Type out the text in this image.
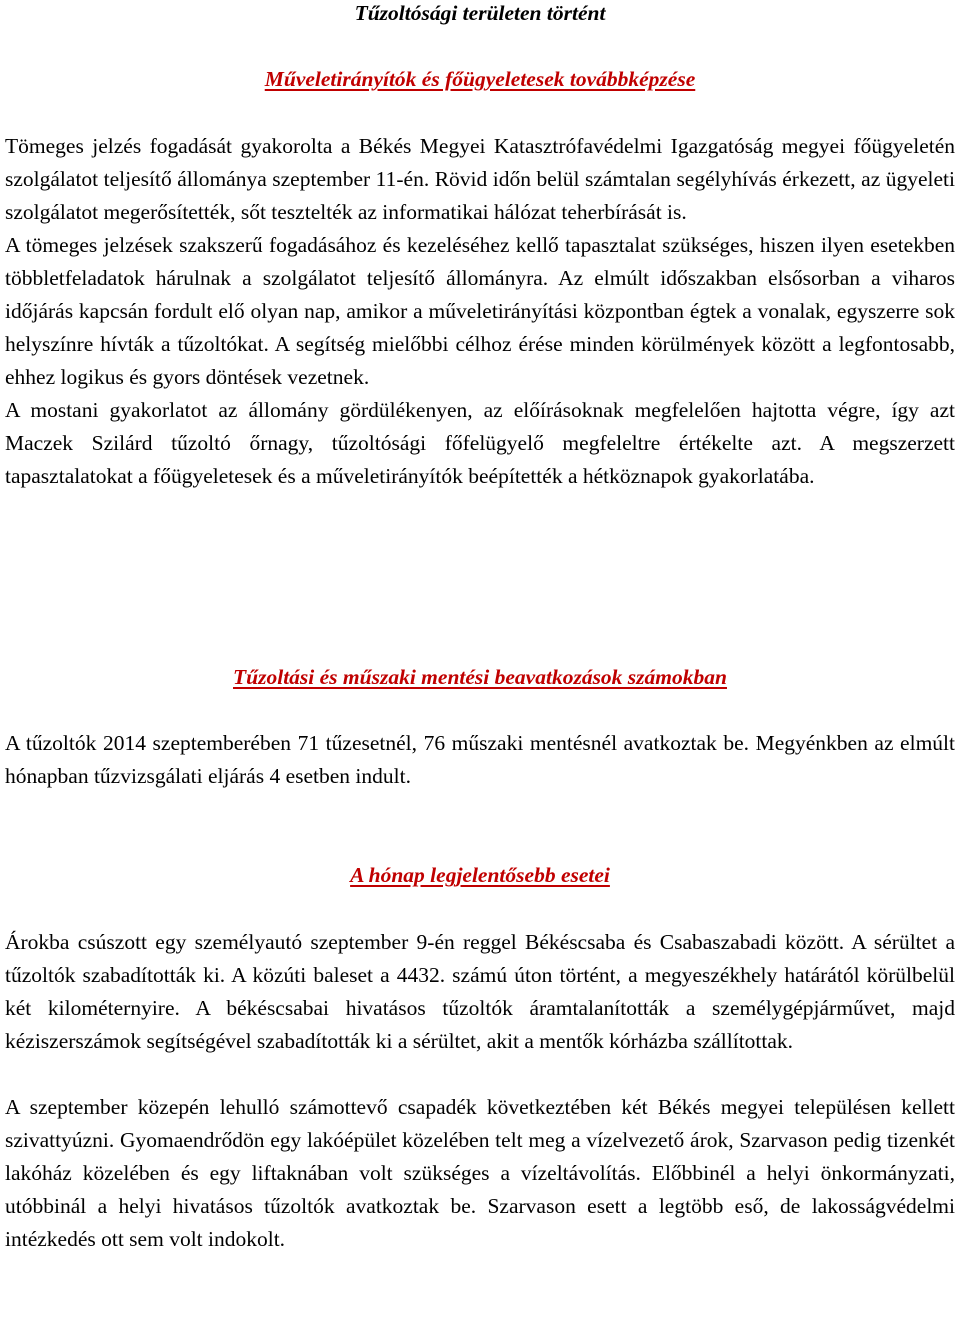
Tűzoltósági területen történt
Műveletirányítók és főügyeletesek továbbképzése

Tömeges jelzés fogadását gyakorolta a Békés Megyei Katasztrófavédelmi Igazgatóság megyei főügyeletén szolgálatot teljesítő állománya szeptember 11-én. Rövid időn belül számtalan segélyhívás érkezett, az ügyeleti szolgálatot megerősítették, sőt tesztelték az informatikai hálózat teherbírását is.

A tömeges jelzések szakszerű fogadásához és kezeléséhez kellő tapasztalat szükséges, hiszen ilyen esetekben többletfeladatok hárulnak a szolgálatot teljesítő állományra. Az elmúlt időszakban elsősorban a viharos időjárás kapcsán fordult elő olyan nap, amikor a műveletirányítási központban égtek a vonalak, egyszerre sok helyszínre hívták a tűzoltókat. A segítség mielőbbi célhoz érése minden körülmények között a legfontosabb, ehhez logikus és gyors döntések vezetnek.

A mostani gyakorlatot az állomány gördülékenyen, az előírásoknak megfelelően hajtotta végre, így azt Maczek Szilárd tűzoltó őrnagy, tűzoltósági főfelügyelő megfeleltre értékelte azt. A megszerzett tapasztalatokat a főügyeletesek és a műveletirányítók beépítették a hétköznapok gyakorlatába.

Tűzoltási és műszaki mentési beavatkozások számokban

A tűzoltók 2014 szeptemberében 71 tűzesetnél, 76 műszaki mentésnél avatkoztak be. Megyénkben az elmúlt hónapban tűzvizsgálati eljárás 4 esetben indult.

A hónap legjelentősebb esetei

Árokba csúszott egy személyautó szeptember 9-én reggel Békéscsaba és Csabaszabadi között. A sérültet a tűzoltók szabadították ki. A közúti baleset a 4432. számú úton történt, a megyeszékhely határától körülbelül két kilométernyire. A békéscsabai hivatásos tűzoltók áramtalanították a személygépjárművet, majd kéziszerszámok segítségével szabadították ki a sérültet, akit a mentők kórházba szállítottak.

A szeptember közepén lehulló számottevő csapadék következtében két Békés megyei településen kellett szivattyúzni. Gyomaendrődön egy lakóépület közelében telt meg a vízelvezető árok, Szarvason pedig tizenkét lakóház közelében és egy liftaknában volt szükséges a vízeltávolítás. Előbbinél a helyi önkormányzati, utóbbinál a helyi hivatásos tűzoltók avatkoztak be. Szarvason esett a legtöbb eső, de lakosságvédelmi intézkedés ott sem volt indokolt.
